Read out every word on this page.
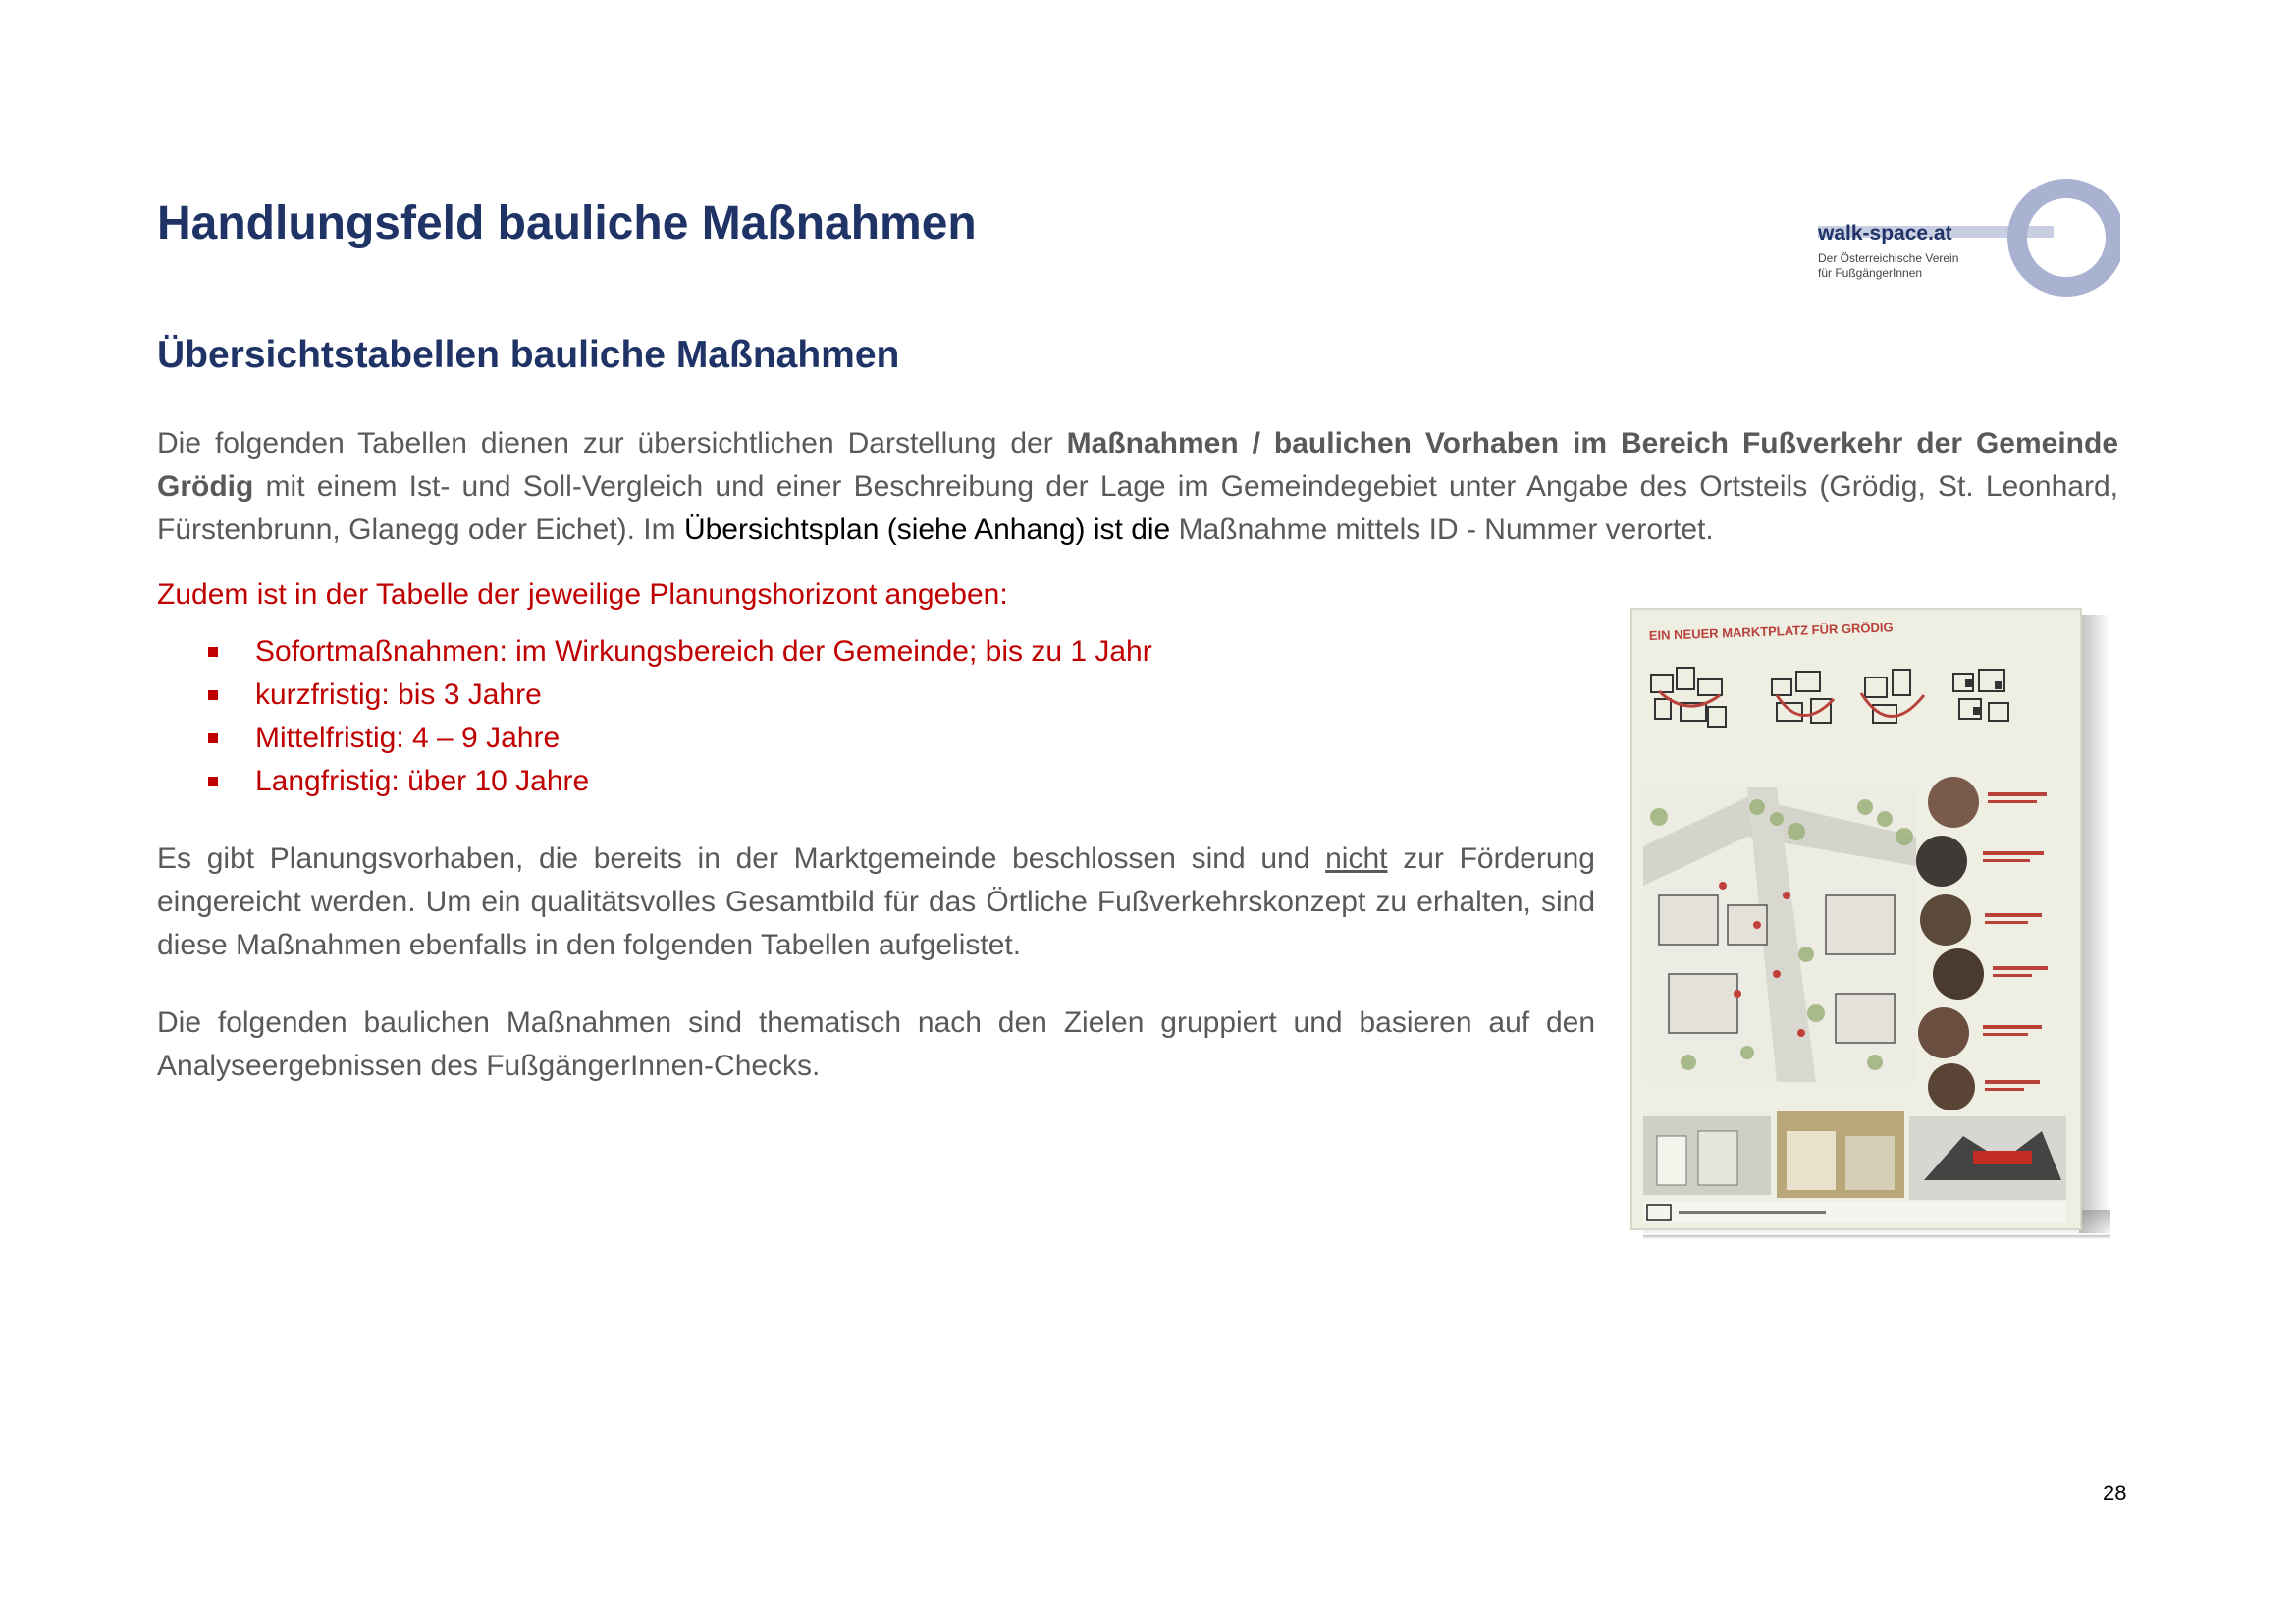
Handlungsfeld bauliche Maßnahmen	walk-space.at
Der Österreichische Verein
für FußgängerInnen
Übersichtstabellen bauliche Maßnahmen

Die folgenden Tabellen dienen zur übersichtlichen Darstellung der Maßnahmen / baulichen Vorhaben im Bereich Fußverkehr der Gemeinde Grödig mit einem Ist- und Soll-Vergleich und einer Beschreibung der Lage im Gemeindegebiet unter Angabe des Ortsteils (Grödig, St. Leonhard, Fürstenbrunn, Glanegg oder Eichet). Im Übersichtsplan (siehe Anhang) ist die Maßnahme mittels ID - Nummer verortet.

Zudem ist in der Tabelle der jeweilige Planungshorizont angeben:

Sofortmaßnahmen: im Wirkungsbereich der Gemeinde; bis zu 1 Jahr
kurzfristig: bis 3 Jahre
Mittelfristig: 4 – 9 Jahre
Langfristig: über 10 Jahre

Es gibt Planungsvorhaben, die bereits in der Marktgemeinde beschlossen sind und nicht zur Förderung eingereicht werden. Um ein qualitätsvolles Gesamtbild für das Örtliche Fußverkehrskonzept zu erhalten, sind diese Maßnahmen ebenfalls in den folgenden Tabellen aufgelistet.

Die folgenden baulichen Maßnahmen sind thematisch nach den Zielen gruppiert und basieren auf den Analyseergebnissen des FußgängerInnen-Checks.

EIN NEUER MARKTPLATZ FÜR GRÖDIG
28
